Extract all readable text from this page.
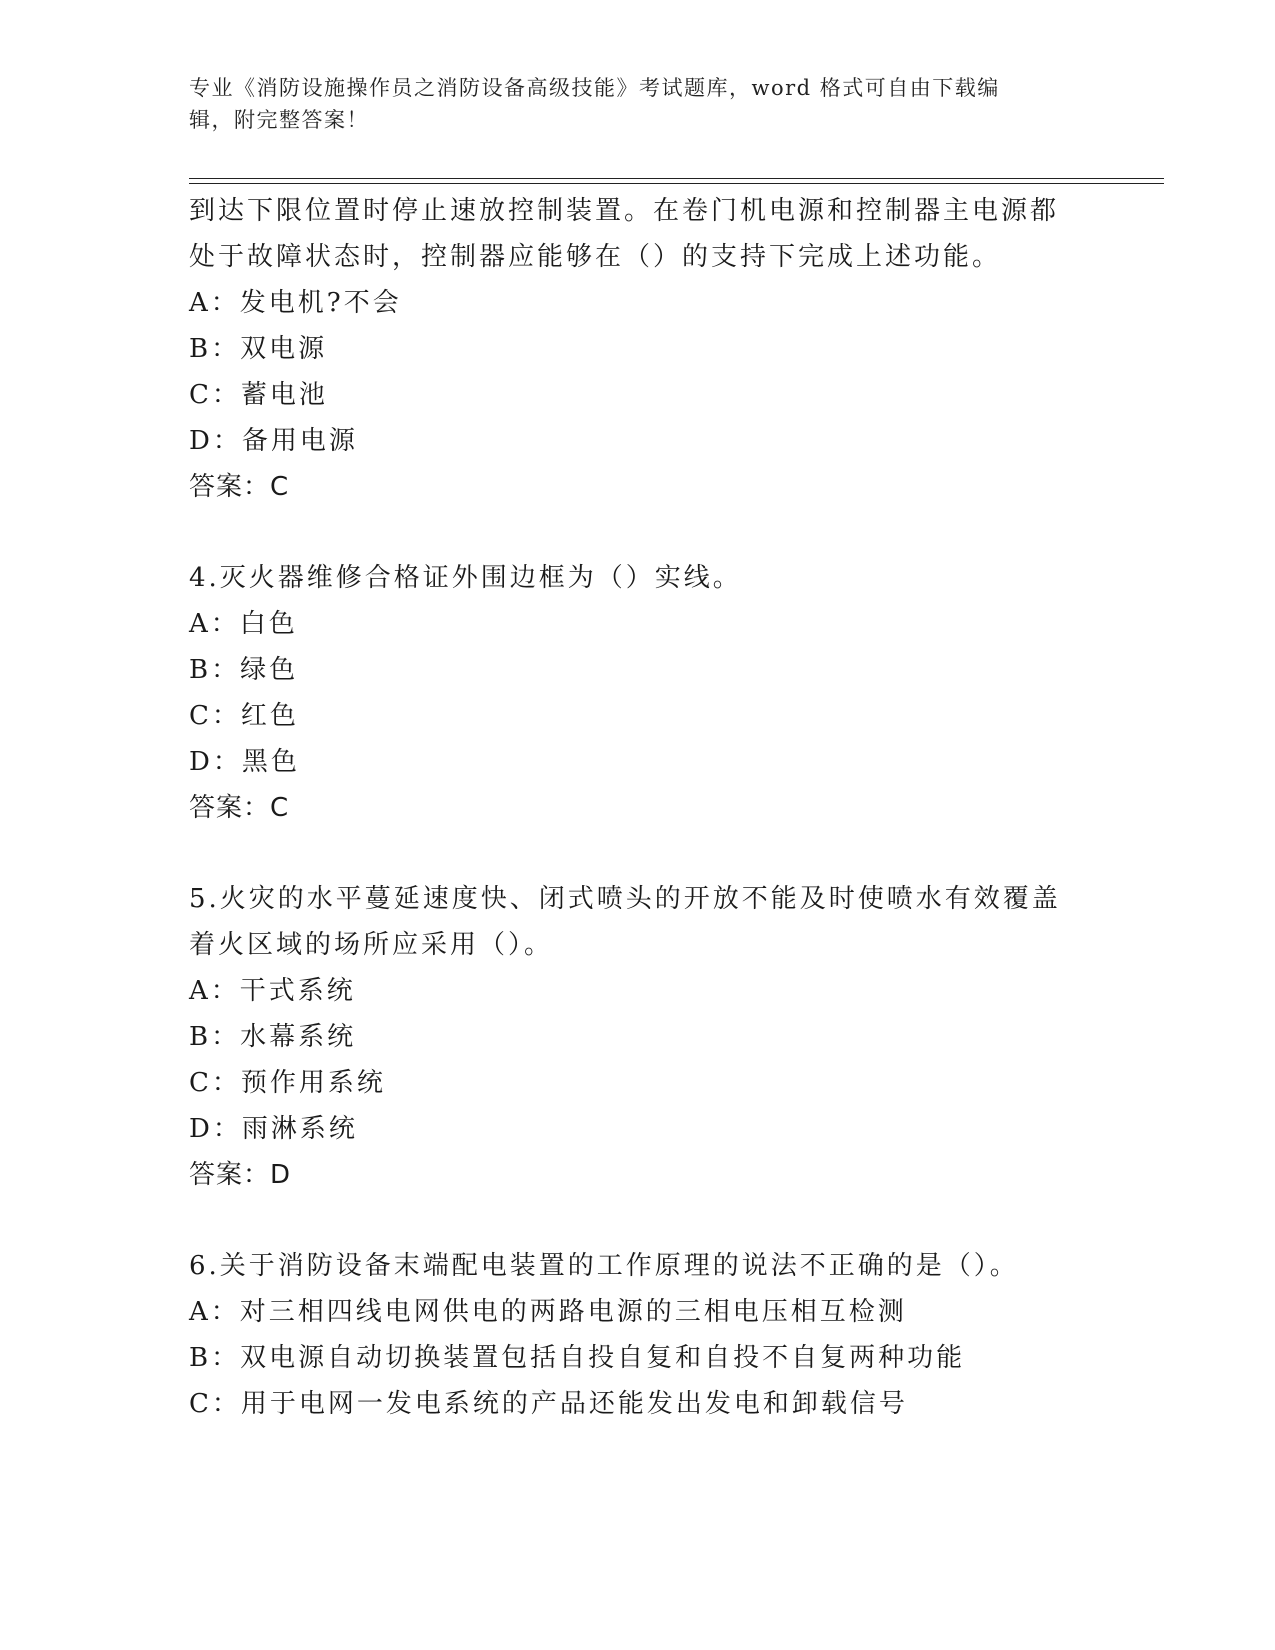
专业《消防设施操作员之消防设备高级技能》考试题库，word 格式可自由下载编
辑，附完整答案！
到达下限位置时停止速放控制装置。在卷门机电源和控制器主电源都
处于故障状态时，控制器应能够在（）的支持下完成上述功能。
A：发电机?不会
B：双电源
C：蓄电池
D：备用电源
答案：C
4.灭火器维修合格证外围边框为（）实线。
A：白色
B：绿色
C：红色
D：黑色
答案：C
5.火灾的水平蔓延速度快、闭式喷头的开放不能及时使喷水有效覆盖
着火区域的场所应采用（）。
A：干式系统
B：水幕系统
C：预作用系统
D：雨淋系统
答案：D
6.关于消防设备末端配电装置的工作原理的说法不正确的是（）。
A：对三相四线电网供电的两路电源的三相电压相互检测
B：双电源自动切换装置包括自投自复和自投不自复两种功能
C：用于电网一发电系统的产品还能发出发电和卸载信号
